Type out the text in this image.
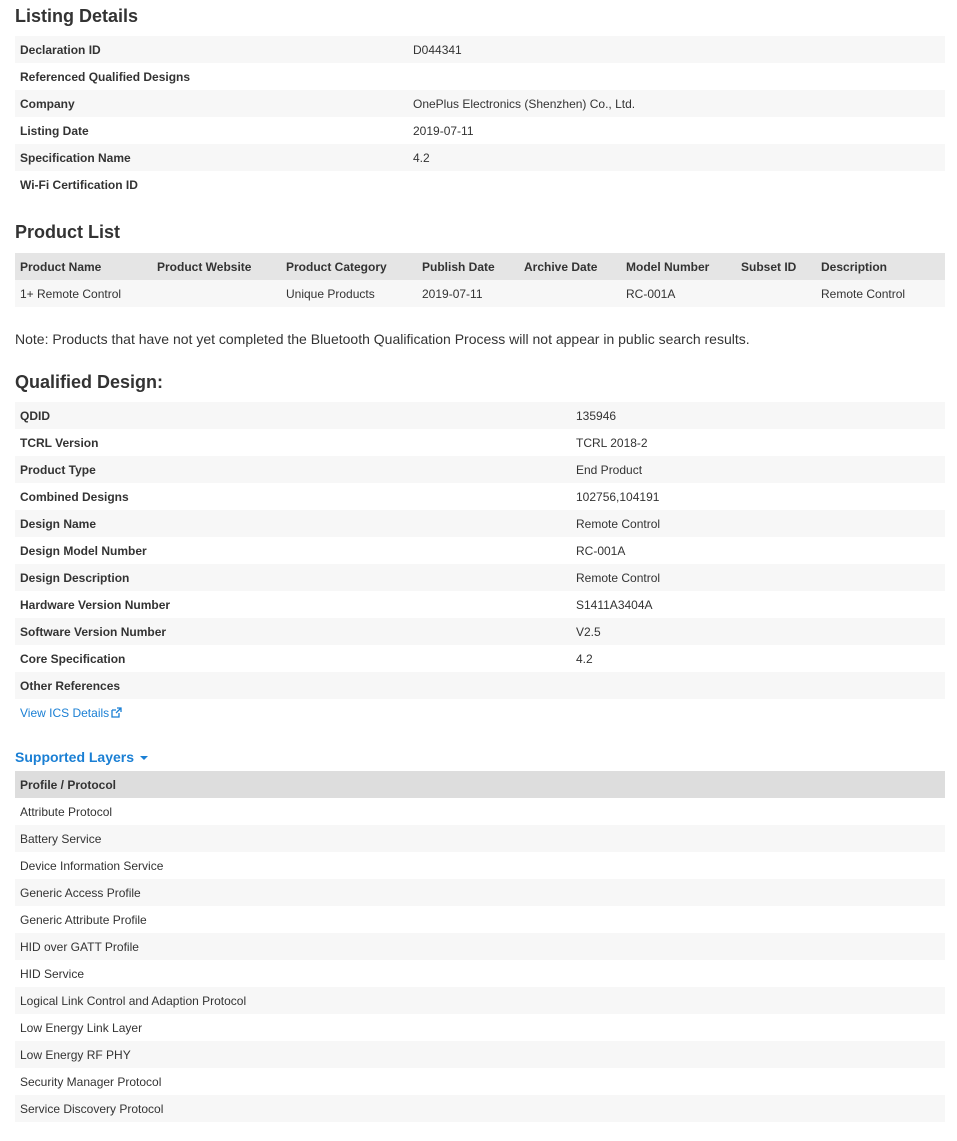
Listing Details
Declaration ID	D044341
Referenced Qualified Designs	
Company	OnePlus Electronics (Shenzhen) Co., Ltd.
Listing Date	2019-07-11
Specification Name	4.2
Wi-Fi Certification ID	
Product List
Product Name	Product Website	Product Category	Publish Date	Archive Date	Model Number	Subset ID	Description
1+ Remote Control		Unique Products	2019-07-11		RC-001A		Remote Control
Note: Products that have not yet completed the Bluetooth Qualification Process will not appear in public search results.
Qualified Design:
QDID	135946
TCRL Version	TCRL 2018-2
Product Type	End Product
Combined Designs	102756,104191
Design Name	Remote Control
Design Model Number	RC-001A
Design Description	Remote Control
Hardware Version Number	S1411A3404A
Software Version Number	V2.5
Core Specification	4.2
Other References	
View ICS Details
Supported Layers
Profile / Protocol
Attribute Protocol
Battery Service
Device Information Service
Generic Access Profile
Generic Attribute Profile
HID over GATT Profile
HID Service
Logical Link Control and Adaption Protocol
Low Energy Link Layer
Low Energy RF PHY
Security Manager Protocol
Service Discovery Protocol
